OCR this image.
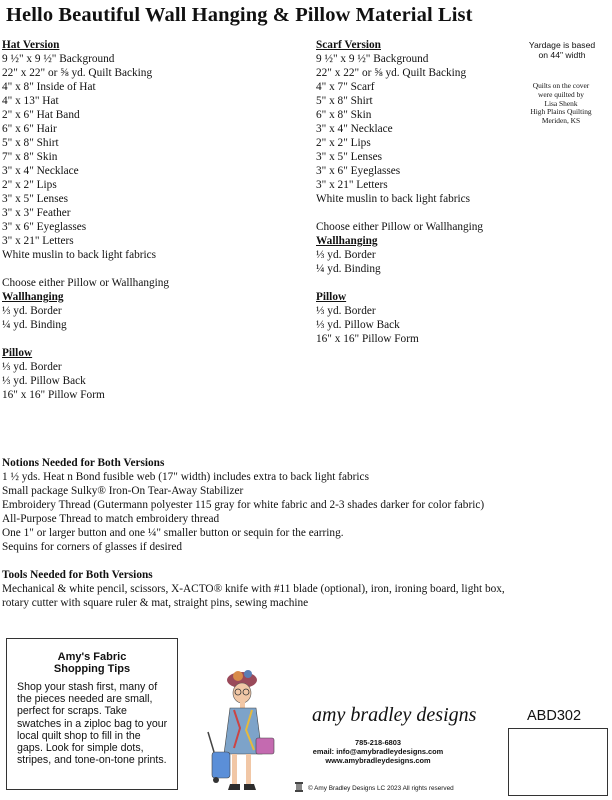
Hello Beautiful Wall Hanging & Pillow Material List
Hat Version
9 ½" x 9 ½" Background
22" x 22" or ⅝ yd. Quilt Backing
4" x 8" Inside of Hat
4" x 13" Hat
2" x 6" Hat Band
6" x 6" Hair
5" x 8" Shirt
7" x 8" Skin
3" x 4" Necklace
2" x 2" Lips
3" x 5" Lenses
3" x 3" Feather
3" x 6" Eyeglasses
3" x 21" Letters
White muslin to back light fabrics
Choose either Pillow or Wallhanging
Wallhanging
⅓ yd. Border
¼ yd. Binding
Pillow
⅓ yd. Border
⅓ yd. Pillow Back
16" x 16" Pillow Form
Scarf Version
9 ½" x 9 ½" Background
22" x 22" or ⅝ yd. Quilt Backing
4" x 7" Scarf
5" x 8" Shirt
6" x 8" Skin
3" x 4" Necklace
2" x 2" Lips
3" x 5" Lenses
3" x 6" Eyeglasses
3" x 21" Letters
White muslin to back light fabrics
Choose either Pillow or Wallhanging
Wallhanging
⅓ yd. Border
¼ yd. Binding
Pillow
⅓ yd. Border
⅓ yd. Pillow Back
16" x 16" Pillow Form
Yardage is based
on 44" width
Quilts on the cover
were quilted by
Lisa Shenk
High Plains Quilting
Meriden, KS
Notions Needed for Both Versions
1 ½ yds. Heat n Bond fusible web (17" width) includes extra to back light fabrics
Small package Sulky® Iron-On Tear-Away Stabilizer
Embroidery Thread (Gutermann polyester 115 gray for white fabric and 2-3 shades darker for color fabric)
All-Purpose Thread to match embroidery thread
One 1" or larger button and one ¼" smaller button or sequin for the earring.
Sequins for corners of glasses if desired
Tools Needed for Both Versions
Mechanical & white pencil, scissors, X-ACTO® knife with #11 blade (optional), iron, ironing board, light box,
rotary cutter with square ruler & mat, straight pins, sewing machine
Amy's Fabric
Shopping Tips
Shop your stash first, many of the pieces needed are small, perfect for scraps. Take swatches in a ziploc bag to your local quilt shop to fill in the gaps. Look for simple dots, stripes, and tone-on-tone prints.
amy bradley designs
785-218-6803
email: info@amybradleydesigns.com
www.amybradleydesigns.com
© Amy Bradley Designs LC 2023 All rights reserved
ABD302
